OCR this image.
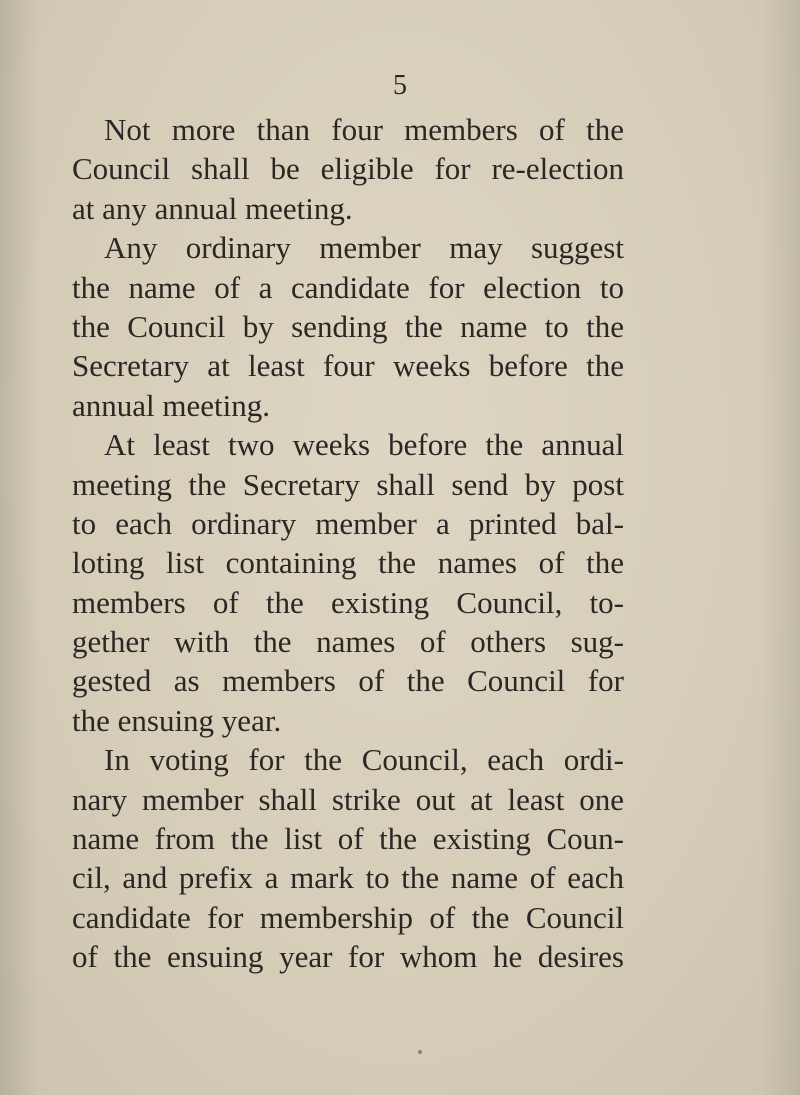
5
Not more than four members of the
Council shall be eligible for re-election
at any annual meeting.
Any ordinary member may suggest
the name of a candidate for election to
the Council by sending the name to the
Secretary at least four weeks before the
annual meeting.
At least two weeks before the annual
meeting the Secretary shall send by post
to each ordinary member a printed bal-
loting list containing the names of the
members of the existing Council, to-
gether with the names of others sug-
gested as members of the Council for
the ensuing year.
In voting for the Council, each ordi-
nary member shall strike out at least one
name from the list of the existing Coun-
cil, and prefix a mark to the name of each
candidate for membership of the Council
of the ensuing year for whom he desires
